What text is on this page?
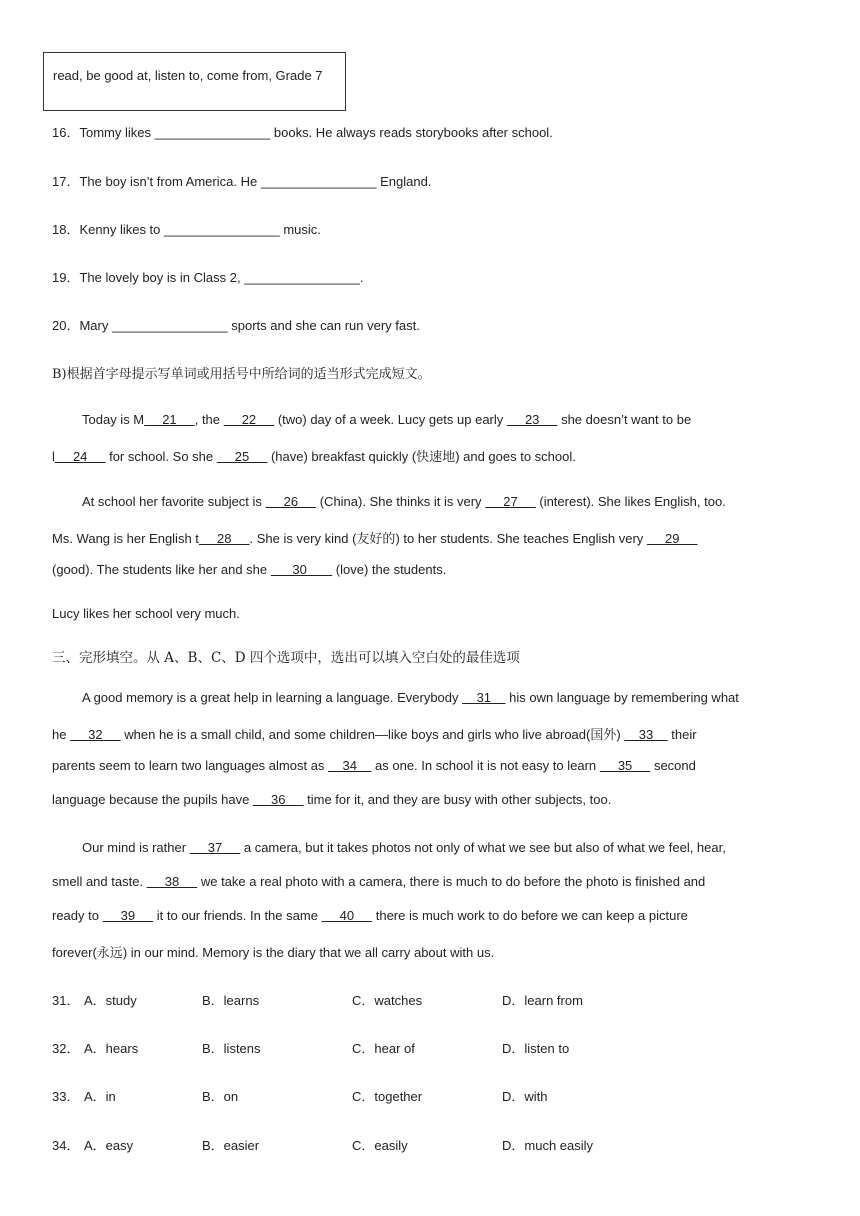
read, be good at, listen to, come from, Grade 7
16．Tommy likes ________________ books. He always reads storybooks after school.
17．The boy isn’t from America. He ________________ England.
18．Kenny likes to ________________ music.
19．The lovely boy is in Class 2, ________________.
20．Mary ________________ sports and she can run very fast.
B)根据首字母提示写单词或用括号中所给词的适当形式完成短文。
Today is M     21     , the      22      (two) day of a week. Lucy gets up early      23      she doesn’t want to be
l     24      for school. So she      25      (have) breakfast quickly (快速地) and goes to school.
At school her favorite subject is      26      (China). She thinks it is very      27      (interest). She likes English, too.
Ms. Wang is her English t     28     . She is very kind (友好的) to her students. She teaches English very      29
(good). The students like her and she       30        (love) the students.
Lucy likes her school very much.
三、完形填空。从 A、B、C、D 四个选项中，选出可以填入空白处的最佳选项
A good memory is a great help in learning a language. Everybody     31     his own language by remembering what
he      32      when he is a small child, and some children—like boys and girls who live abroad(国外)     33     their
parents seem to learn two languages almost as     34     as one. In school it is not easy to learn      35      second
language because the pupils have      36      time for it, and they are busy with other subjects, too.
Our mind is rather      37      a camera, but it takes photos not only of what we see but also of what we feel, hear,
smell and taste.      38      we take a real photo with a camera, there is much to do before the photo is finished and
ready to      39      it to our friends. In the same      40      there is much work to do before we can keep a picture
forever(永远) in our mind. Memory is the diary that we all carry about with us.
31． A．study	B．learns	C．watches	D．learn from
32． A．hears	B．listens	C．hear of	D．listen to
33． A．in	B．on	C．together	D．with
34． A．easy	B．easier	C．easily	D．much easily
